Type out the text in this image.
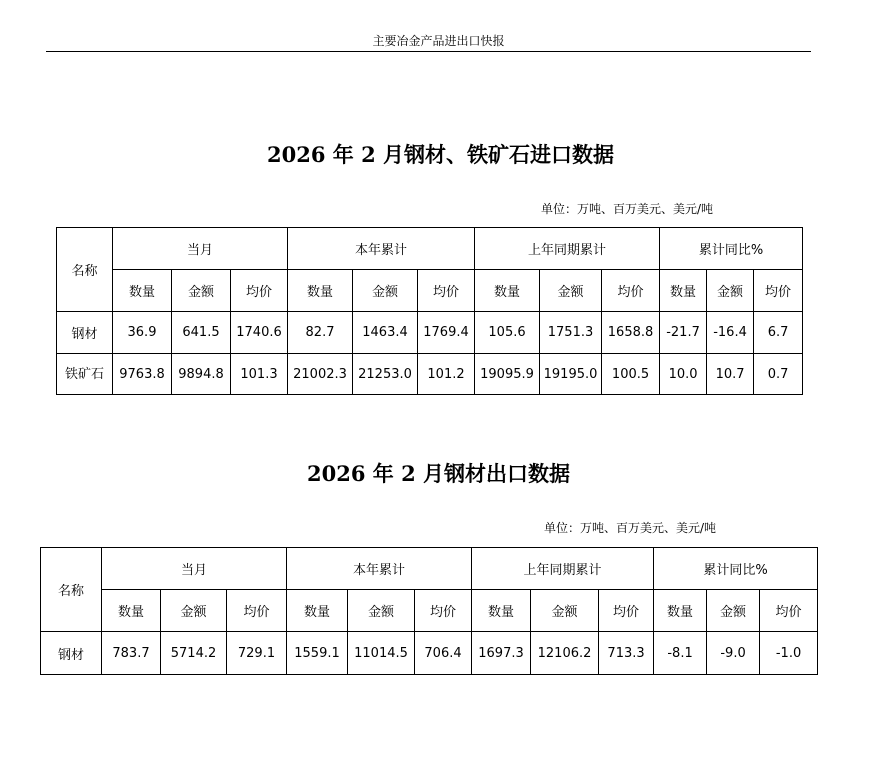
主要冶金产品进出口快报
2026 年 2 月钢材、铁矿石进口数据
单位：万吨、百万美元、美元/吨
名称	当月			本年累计			上年同期累计			累计同比%		
	数量	金额	均价	数量	金额	均价	数量	金额	均价	数量	金额	均价
钢材	36.9	641.5	1740.6	82.7	1463.4	1769.4	105.6	1751.3	1658.8	-21.7	-16.4	6.7
铁矿石	9763.8	9894.8	101.3	21002.3	21253.0	101.2	19095.9	19195.0	100.5	10.0	10.7	0.7
2026 年 2 月钢材出口数据
单位：万吨、百万美元、美元/吨
名称	当月			本年累计			上年同期累计			累计同比%		
	数量	金额	均价	数量	金额	均价	数量	金额	均价	数量	金额	均价
钢材	783.7	5714.2	729.1	1559.1	11014.5	706.4	1697.3	12106.2	713.3	-8.1	-9.0	-1.0
